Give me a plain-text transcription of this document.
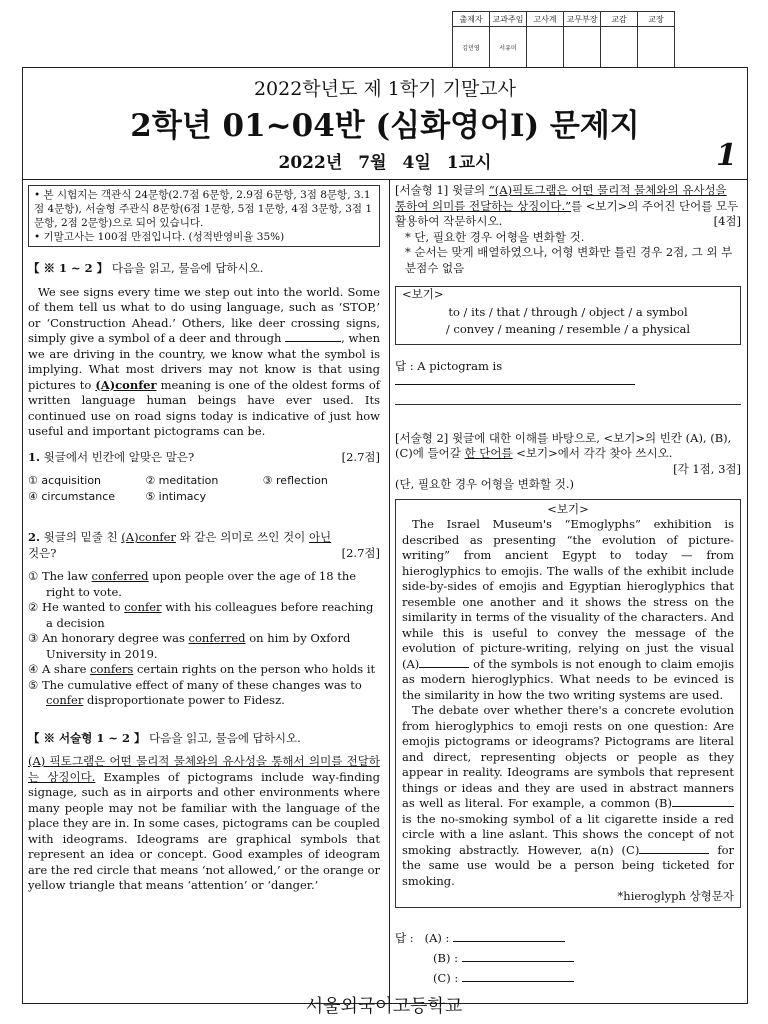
출제자	교과주임	고사계	교무부장	교감	교장
김민영	서유미				
2022학년도 제 1학기 기말고사
2학년 01~04반 (심화영어Ⅰ) 문제지
2022년 7월 4일 1교시	1

• 본 시험지는 객관식 24문항(2.7점 6문항, 2.9점 6문항, 3점 8문항, 3.1점 4문항), 서술형 주관식 8문항(6점 1문항, 5점 1문항, 4점 3문항, 3점 1문항, 2점 2문항)으로 되어 있습니다.

• 기말고사는 100점 만점입니다. (성적반영비율 35%)

【 ※ 1 ~ 2 】 다음을 읽고, 물음에 답하시오.
We see signs every time we step out into the world. Some of them tell us what to do using language, such as ‘STOP,’ or ‘Construction Ahead.’ Others, like deer crossing signs, simply give a symbol of a deer and through	, when we are driving in the country, we know what the symbol is implying. What most drivers may not know is that using pictures to (A)confer meaning is one of the oldest forms of written language human beings have ever used. Its continued use on road signs today is indicative of just how useful and important pictograms can be.
[2.7점]
1. 윗글에서 빈칸에 알맞은 말은?
① acquisition	② meditation	③ reflection
④ circumstance	⑤ intimacy
2. 윗글의 밑줄 친 (A)confer 와 같은 의미로 쓰인 것이 아닌
것은?	[2.7점]
① The law conferred upon people over the age of 18 the right to vote.
② He wanted to confer with his colleagues before reaching a decision
③ An honorary degree was conferred on him by Oxford University in 2019.
④ A share confers certain rights on the person who holds it
⑤ The cumulative effect of many of these changes was to confer disproportionate power to Fidesz.
【 ※ 서술형 1 ~ 2 】 다음을 읽고, 물음에 답하시오.
(A) 픽토그램은 어떤 물리적 물체와의 유사성을 통해서 의미를 전달하는 상징이다. Examples of pictograms include way-finding signage, such as in airports and other environments where many people may not be familiar with the language of the place they are in. In some cases, pictograms can be coupled with ideograms. Ideograms are graphical symbols that represent an idea or concept. Good examples of ideogram are the red circle that means ‘not allowed,’ or the orange or yellow triangle that means ‘attention’ or ‘danger.’

[서술형 1] 윗글의 “(A)픽토그램은 어떤 물리적 물체와의 유사성을 통하여 의미를 전달하는 상징이다.”를 <보기>의 주어진 단어를 모두 활용하여 작문하시오.	[4점]

* 단, 필요한 경우 어형을 변화할 것.

* 순서는 맞게 배열하였으나, 어형 변화만 틀린 경우 2점, 그 외 부분점수 없음

<보기>
to / its / that / through / object / a symbol
/ convey / meaning / resemble / a physical
답 : A pictogram is

[서술형 2] 윗글에 대한 이해를 바탕으로, <보기>의 빈칸 (A), (B), (C)에 들어갈 한 단어를 <보기>에서 각각 찾아 쓰시오.

[각 1점, 3점]

(단, 필요한 경우 어형을 변화할 것.)

<보기>

The Israel Museum's “Emoglyphs” exhibition is described as presenting “the evolution of picture-writing” from ancient Egypt to today — from hieroglyphics to emojis. The walls of the exhibit include side-by-sides of emojis and Egyptian hieroglyphics that resemble one another and it shows the stress on the similarity in terms of the visuality of the characters. And while this is useful to convey the message of the evolution of picture-writing, relying on just the visual (A)	of the symbols is not enough to claim emojis as modern hieroglyphics. What needs to be evinced is the similarity in how the two writing systems are used.

The debate over whether there's a concrete evolution from hieroglyphics to emoji rests on one question: Are emojis pictograms or ideograms? Pictograms are literal and direct, representing objects or people as they appear in reality. Ideograms are symbols that represent things or ideas and they are used in abstract manners as well as literal. For example, a common (B) is the no-smoking symbol of a lit cigarette inside a red circle with a line aslant. This shows the concept of not smoking abstractly. However, a(n) (C)	for the same use would be a person being ticketed for smoking.

*hieroglyph 상형문자
답 : (A) :
(B) :
(C) :
서울외국어고등학교
